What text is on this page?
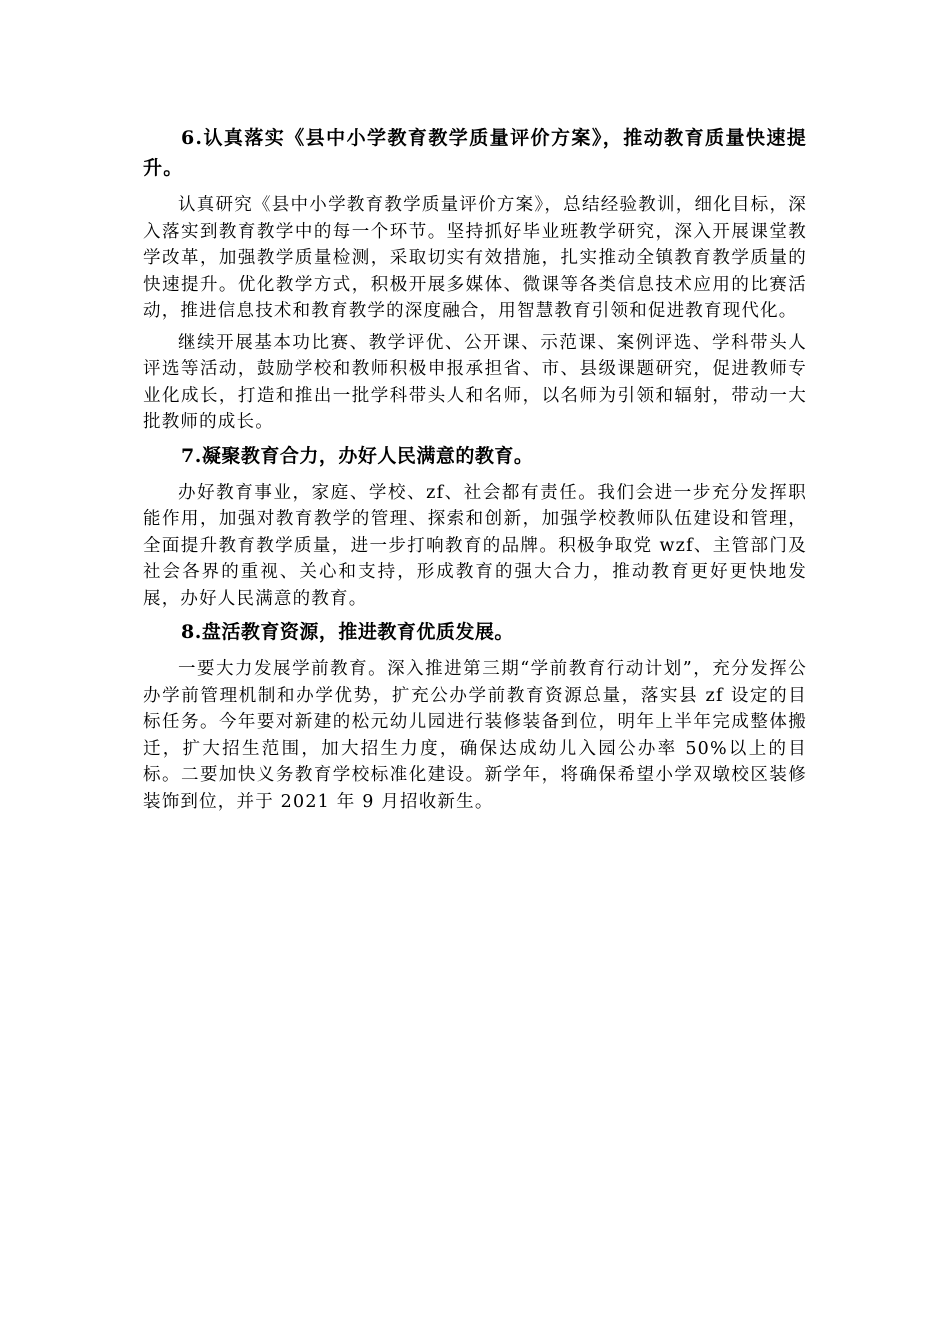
6.认真落实《县中小学教育教学质量评价方案》，推动教育质量快速提升。

认真研究《县中小学教育教学质量评价方案》，总结经验教训，细化目标，深入落实到教育教学中的每一个环节。坚持抓好毕业班教学研究，深入开展课堂教学改革，加强教学质量检测，采取切实有效措施，扎实推动全镇教育教学质量的快速提升。优化教学方式，积极开展多媒体、微课等各类信息技术应用的比赛活动，推进信息技术和教育教学的深度融合，用智慧教育引领和促进教育现代化。

继续开展基本功比赛、教学评优、公开课、示范课、案例评选、学科带头人评选等活动，鼓励学校和教师积极申报承担省、市、县级课题研究，促进教师专业化成长，打造和推出一批学科带头人和名师，以名师为引领和辐射，带动一大批教师的成长。

7.凝聚教育合力，办好人民满意的教育。

办好教育事业，家庭、学校、zf、社会都有责任。我们会进一步充分发挥职能作用，加强对教育教学的管理、探索和创新，加强学校教师队伍建设和管理，全面提升教育教学质量，进一步打响教育的品牌。积极争取党 wzf、主管部门及社会各界的重视、关心和支持，形成教育的强大合力，推动教育更好更快地发展，办好人民满意的教育。

8.盘活教育资源，推进教育优质发展。

一要大力发展学前教育。深入推进第三期“学前教育行动计划”，充分发挥公办学前管理机制和办学优势，扩充公办学前教育资源总量，落实县 zf 设定的目标任务。今年要对新建的松元幼儿园进行装修装备到位，明年上半年完成整体搬迁，扩大招生范围，加大招生力度，确保达成幼儿入园公办率 50%以上的目标。二要加快义务教育学校标准化建设。新学年，将确保希望小学双墩校区装修装饰到位，并于 2021 年 9 月招收新生。
